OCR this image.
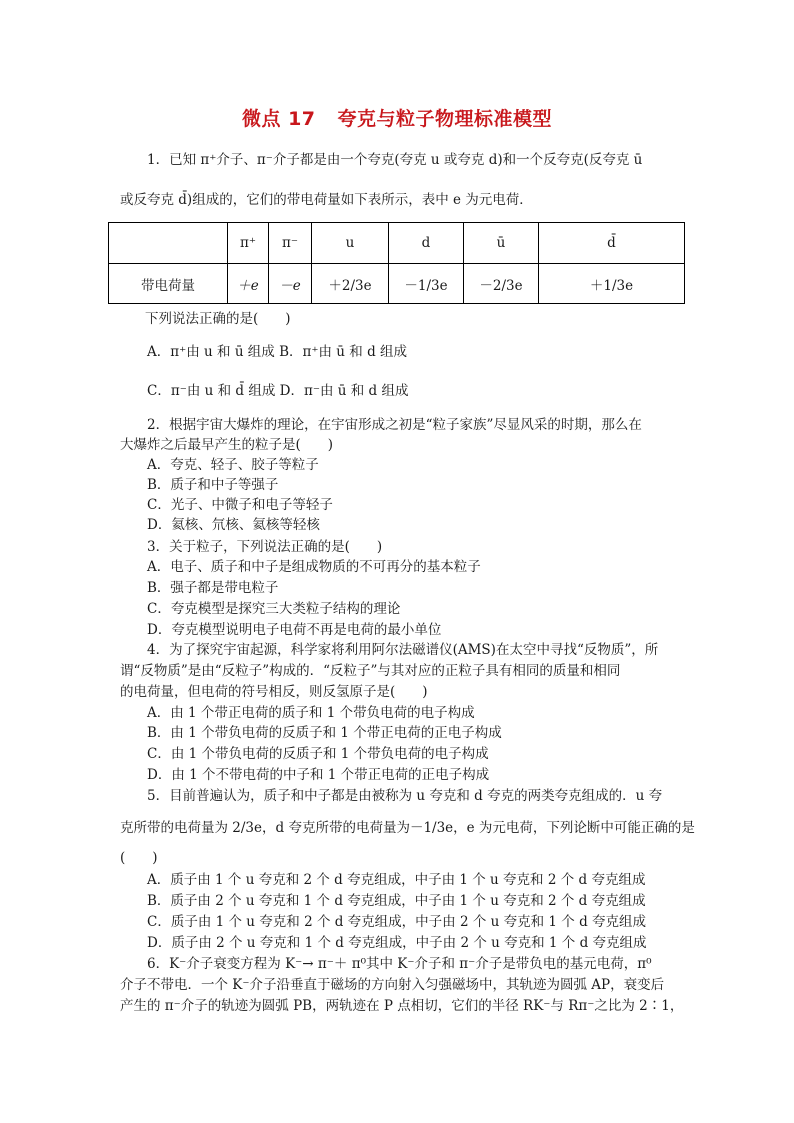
微点 17 夸克与粒子物理标准模型
1．已知 π⁺介子、π⁻介子都是由一个夸克(夸克 u 或夸克 d)和一个反夸克(反夸克 ū
或反夸克 d̄)组成的，它们的带电荷量如下表所示，表中 e 为元电荷．
	π⁺	π⁻	u	d	ū	d̄
带电荷量	＋e	－e	＋2/3e	－1/3e	－2/3e	＋1/3e
下列说法正确的是(　　)
A．π⁺由 u 和 ū 组成 B．π⁺由 ū 和 d 组成
C．π⁻由 u 和 d̄ 组成 D．π⁻由 ū 和 d 组成
2．根据宇宙大爆炸的理论，在宇宙形成之初是“粒子家族”尽显风采的时期，那么在
大爆炸之后最早产生的粒子是(　　)
A．夸克、轻子、胶子等粒子
B．质子和中子等强子
C．光子、中微子和电子等轻子
D．氦核、氘核、氦核等轻核
3．关于粒子，下列说法正确的是(　　)
A．电子、质子和中子是组成物质的不可再分的基本粒子
B．强子都是带电粒子
C．夸克模型是探究三大类粒子结构的理论
D．夸克模型说明电子电荷不再是电荷的最小单位
4．为了探究宇宙起源，科学家将利用阿尔法磁谱仪(AMS)在太空中寻找“反物质”，所
谓“反物质”是由“反粒子”构成的．“反粒子”与其对应的正粒子具有相同的质量和相同
的电荷量，但电荷的符号相反，则反氢原子是(　　)
A．由 1 个带正电荷的质子和 1 个带负电荷的电子构成
B．由 1 个带负电荷的反质子和 1 个带正电荷的正电子构成
C．由 1 个带负电荷的反质子和 1 个带负电荷的电子构成
D．由 1 个不带电荷的中子和 1 个带正电荷的正电子构成
5．目前普遍认为，质子和中子都是由被称为 u 夸克和 d 夸克的两类夸克组成的．u 夸
克所带的电荷量为 2/3e，d 夸克所带的电荷量为－1/3e，e 为元电荷，下列论断中可能正确的是
(　　)
A．质子由 1 个 u 夸克和 2 个 d 夸克组成，中子由 1 个 u 夸克和 2 个 d 夸克组成
B．质子由 2 个 u 夸克和 1 个 d 夸克组成，中子由 1 个 u 夸克和 2 个 d 夸克组成
C．质子由 1 个 u 夸克和 2 个 d 夸克组成，中子由 2 个 u 夸克和 1 个 d 夸克组成
D．质子由 2 个 u 夸克和 1 个 d 夸克组成，中子由 2 个 u 夸克和 1 个 d 夸克组成
6．K⁻介子衰变方程为 K⁻→ π⁻＋ π⁰其中 K⁻介子和 π⁻介子是带负电的基元电荷，π⁰
介子不带电．一个 K⁻介子沿垂直于磁场的方向射入匀强磁场中，其轨迹为圆弧 AP，衰变后
产生的 π⁻介子的轨迹为圆弧 PB，两轨迹在 P 点相切，它们的半径 RK⁻与 Rπ⁻之比为 2∶1，
